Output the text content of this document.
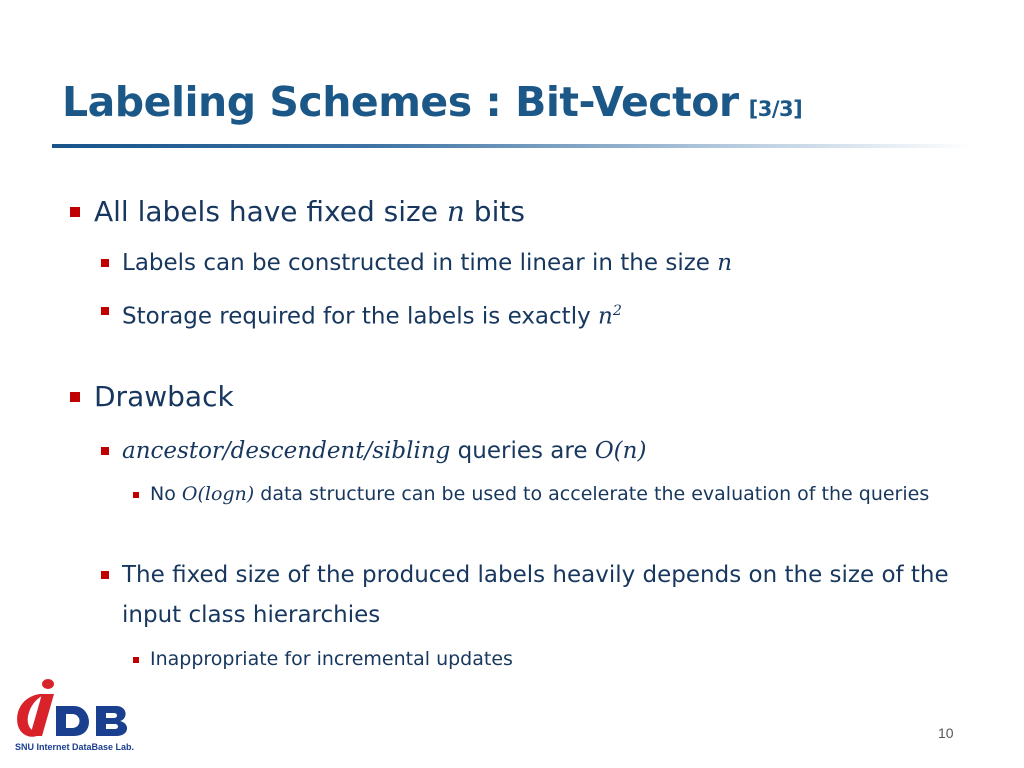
Labeling Schemes : Bit-Vector [3/3]
All labels have fixed size n bits
Labels can be constructed in time linear in the size n
Storage required for the labels is exactly $n^2$
Drawback
ancestor/descendent/sibling queries are O(n)
No O(logn) data structure can be used to accelerate the evaluation of the queries
The fixed size of the produced labels heavily depends on the size of the input class hierarchies
Inappropriate for incremental updates
SNU Internet DataBase Lab.
10
